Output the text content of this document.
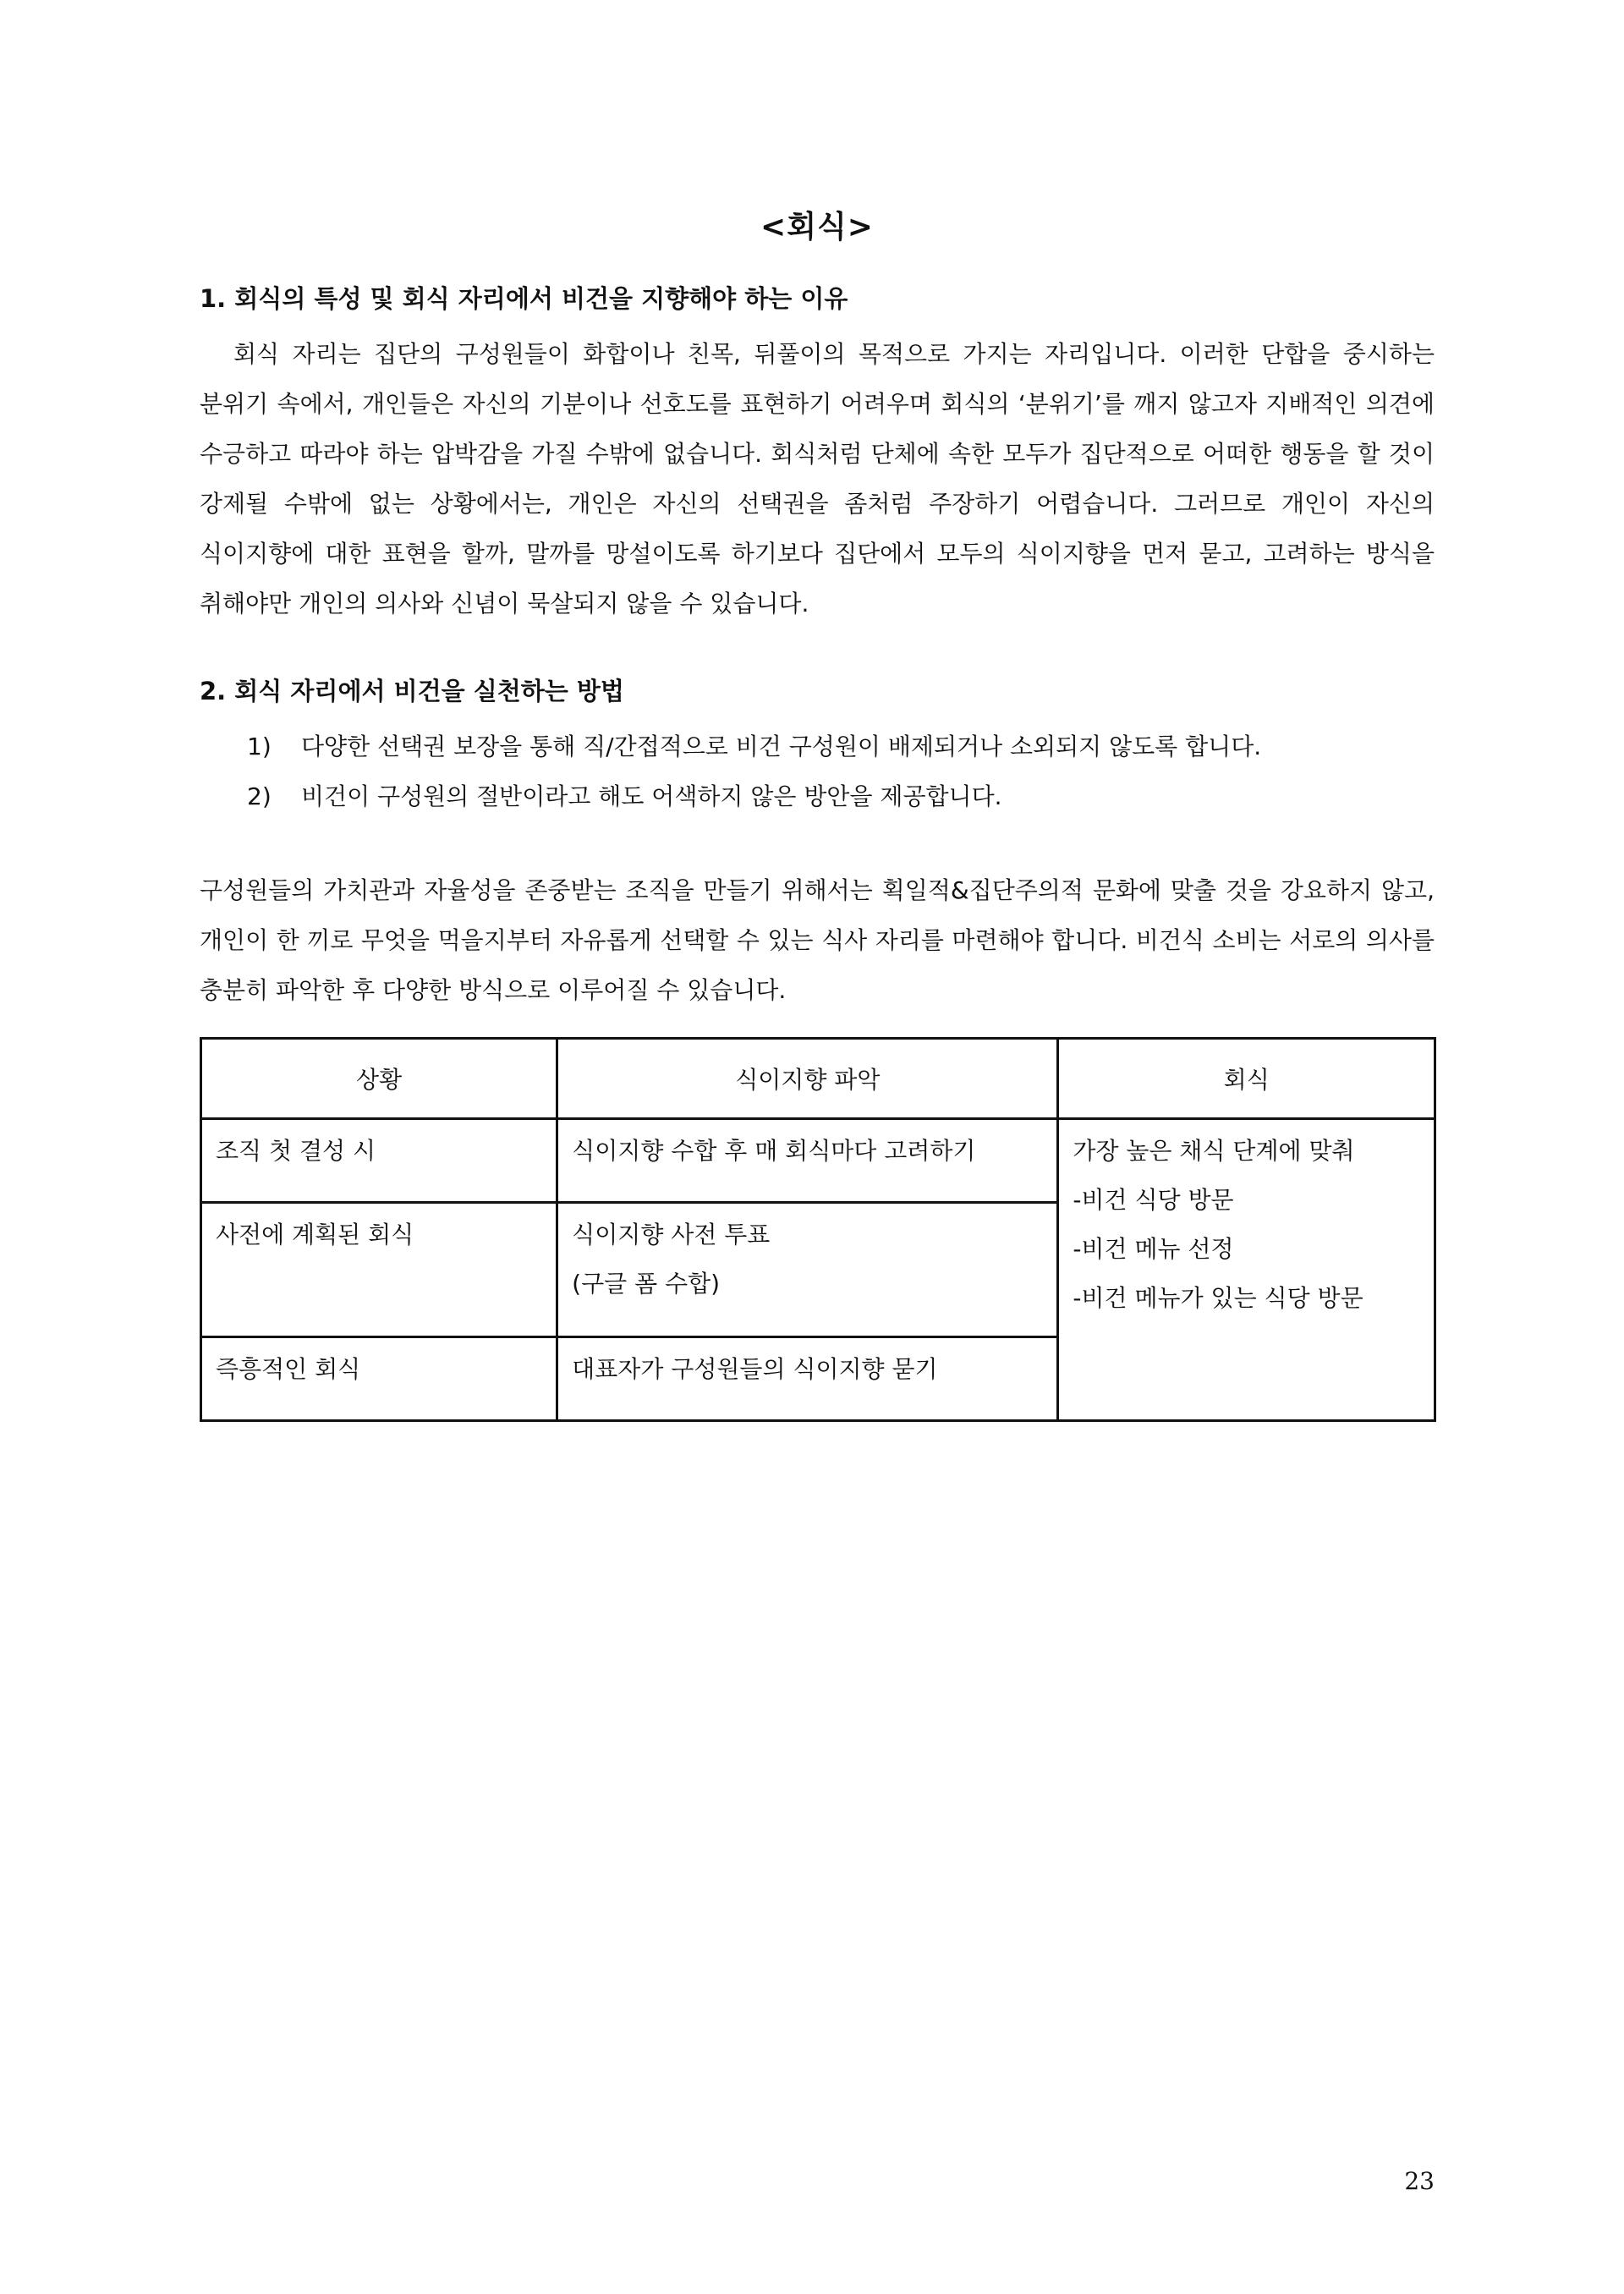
<회식>
1. 회식의 특성 및 회식 자리에서 비건을 지향해야 하는 이유

회식 자리는 집단의 구성원들이 화합이나 친목, 뒤풀이의 목적으로 가지는 자리입니다. 이러한 단합을 중시하는 분위기 속에서, 개인들은 자신의 기분이나 선호도를 표현하기 어려우며 회식의 ‘분위기’를 깨지 않고자 지배적인 의견에 수긍하고 따라야 하는 압박감을 가질 수밖에 없습니다. 회식처럼 단체에 속한 모두가 집단적으로 어떠한 행동을 할 것이 강제될 수밖에 없는 상황에서는, 개인은 자신의 선택권을 좀처럼 주장하기 어렵습니다. 그러므로 개인이 자신의 식이지향에 대한 표현을 할까, 말까를 망설이도록 하기보다 집단에서 모두의 식이지향을 먼저 묻고, 고려하는 방식을 취해야만 개인의 의사와 신념이 묵살되지 않을 수 있습니다.

2. 회식 자리에서 비건을 실천하는 방법
1)	다양한 선택권 보장을 통해 직/간접적으로 비건 구성원이 배제되거나 소외되지 않도록 합니다.
2)	비건이 구성원의 절반이라고 해도 어색하지 않은 방안을 제공합니다.

구성원들의 가치관과 자율성을 존중받는 조직을 만들기 위해서는 획일적&집단주의적 문화에 맞출 것을 강요하지 않고, 개인이 한 끼로 무엇을 먹을지부터 자유롭게 선택할 수 있는 식사 자리를 마련해야 합니다. 비건식 소비는 서로의 의사를 충분히 파악한 후 다양한 방식으로 이루어질 수 있습니다.

상황	식이지향 파악	회식
조직 첫 결성 시	식이지향 수합 후 매 회식마다 고려하기	가장 높은 채식 단계에 맞춰
-비건 식당 방문
-비건 메뉴 선정
-비건 메뉴가 있는 식당 방문

사전에 계획된 회식	식이지향 사전 투표
(구글 폼 수합)	

즉흥적인 회식	대표자가 구성원들의 식이지향 묻기	
23
